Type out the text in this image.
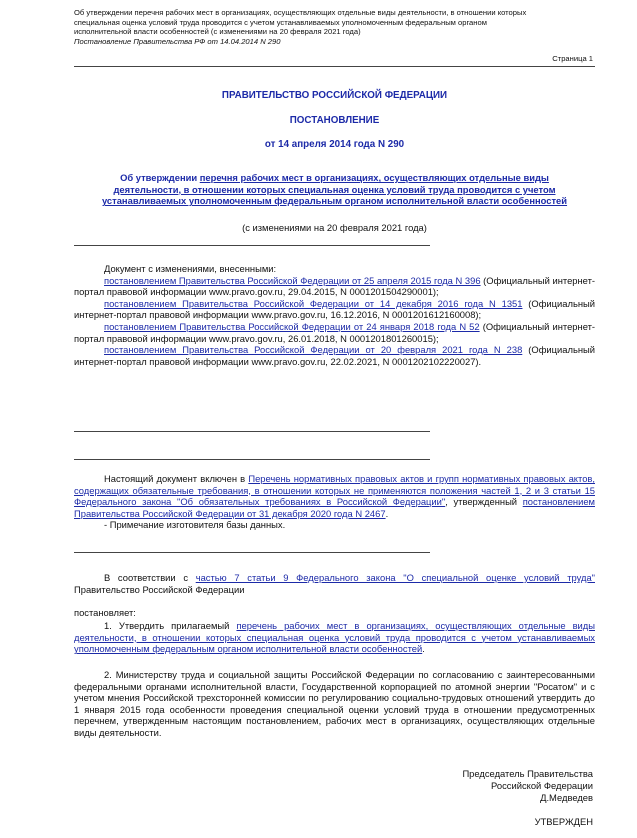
Об утверждении перечня рабочих мест в организациях, осуществляющих отдельные виды деятельности, в отношении которых
специальная оценка условий труда проводится с учетом устанавливаемых уполномоченным федеральным органом
исполнительной власти особенностей (с изменениями на 20 февраля 2021 года)
Постановление Правительства РФ от 14.04.2014 N 290
Страница 1
ПРАВИТЕЛЬСТВО РОССИЙСКОЙ ФЕДЕРАЦИИ
ПОСТАНОВЛЕНИЕ
от 14 апреля 2014 года N 290
Об утверждении перечня рабочих мест в организациях, осуществляющих отдельные виды деятельности, в отношении которых специальная оценка условий труда проводится с учетом устанавливаемых уполномоченным федеральным органом исполнительной власти особенностей
(с изменениями на 20 февраля 2021 года)
Документ с изменениями, внесенными:
постановлением Правительства Российской Федерации от 25 апреля 2015 года N 396 (Официальный интернет-портал правовой информации www.pravo.gov.ru, 29.04.2015, N 0001201504290001);
постановлением Правительства Российской Федерации от 14 декабря 2016 года N 1351 (Официальный интернет-портал правовой информации www.pravo.gov.ru, 16.12.2016, N 0001201612160008);
постановлением Правительства Российской Федерации от 24 января 2018 года N 52 (Официальный интернет-портал правовой информации www.pravo.gov.ru, 26.01.2018, N 0001201801260015);
постановлением Правительства Российской Федерации от 20 февраля 2021 года N 238 (Официальный интернет-портал правовой информации www.pravo.gov.ru, 22.02.2021, N 0001202102220027).
Настоящий документ включен в Перечень нормативных правовых актов и групп нормативных правовых актов, содержащих обязательные требования, в отношении которых не применяются положения частей 1, 2 и 3 статьи 15 Федерального закона "Об обязательных требованиях в Российской Федерации", утвержденный постановлением Правительства Российской Федерации от 31 декабря 2020 года N 2467.
- Примечание изготовителя базы данных.
В соответствии с частью 7 статьи 9 Федерального закона "О специальной оценке условий труда" Правительство Российской Федерации
постановляет:
1. Утвердить прилагаемый перечень рабочих мест в организациях, осуществляющих отдельные виды деятельности, в отношении которых специальная оценка условий труда проводится с учетом устанавливаемых уполномоченным федеральным органом исполнительной власти особенностей.
2. Министерству труда и социальной защиты Российской Федерации по согласованию с заинтересованными федеральными органами исполнительной власти, Государственной корпорацией по атомной энергии "Росатом" и с учетом мнения Российской трехсторонней комиссии по регулированию социально-трудовых отношений утвердить до 1 января 2015 года особенности проведения специальной оценки условий труда в отношении предусмотренных перечнем, утвержденным настоящим постановлением, рабочих мест в организациях, осуществляющих отдельные виды деятельности.
Председатель Правительства
Российской Федерации
Д.Медведев
УТВЕРЖДЕН
